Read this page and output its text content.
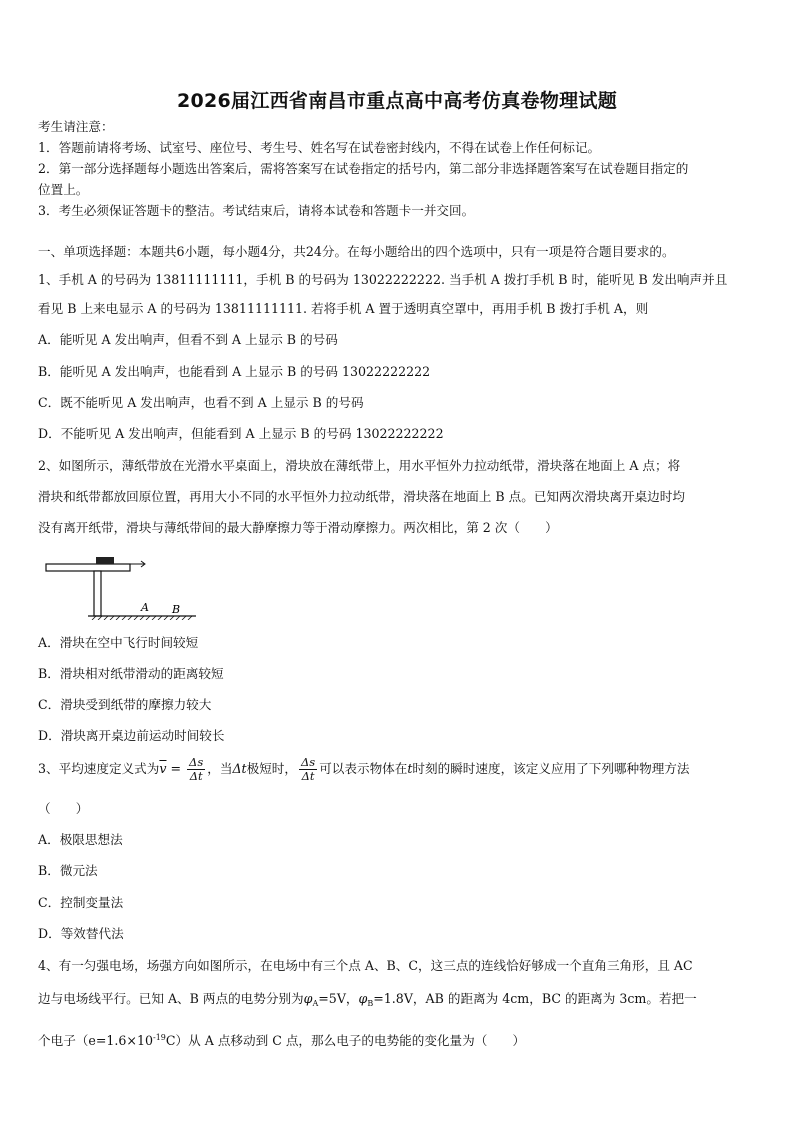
2026届江西省南昌市重点高中高考仿真卷物理试题
考生请注意：
1．答题前请将考场、试室号、座位号、考生号、姓名写在试卷密封线内，不得在试卷上作任何标记。
2．第一部分选择题每小题选出答案后，需将答案写在试卷指定的括号内，第二部分非选择题答案写在试卷题目指定的
位置上。
3．考生必须保证答题卡的整洁。考试结束后，请将本试卷和答题卡一并交回。
一、单项选择题：本题共6小题，每小题4分，共24分。在每小题给出的四个选项中，只有一项是符合题目要求的。
1、手机 A 的号码为 13811111111，手机 B 的号码为 13022222222. 当手机 A 拨打手机 B 时，能听见 B 发出响声并且
看见 B 上来电显示 A 的号码为 13811111111. 若将手机 A 置于透明真空罩中，再用手机 B 拨打手机 A，则
A．能听见 A 发出响声，但看不到 A 上显示 B 的号码
B．能听见 A 发出响声，也能看到 A 上显示 B 的号码 13022222222
C．既不能听见 A 发出响声，也看不到 A 上显示 B 的号码
D．不能听见 A 发出响声，但能看到 A 上显示 B 的号码 13022222222
2、如图所示，薄纸带放在光滑水平桌面上，滑块放在薄纸带上，用水平恒外力拉动纸带，滑块落在地面上 A 点；将
滑块和纸带都放回原位置，再用大小不同的水平恒外力拉动纸带，滑块落在地面上 B 点。已知两次滑块离开桌边时均
没有离开纸带，滑块与薄纸带间的最大静摩擦力等于滑动摩擦力。两次相比，第 2 次（　　）
A B
A．滑块在空中飞行时间较短
B．滑块相对纸带滑动的距离较短
C．滑块受到纸带的摩擦力较大
D．滑块离开桌边前运动时间较长
3、平均速度定义式为$\overline{v} = \frac{\Delta s}{\Delta t}$ ，当Δt极短时， $\frac{\Delta s}{\Delta t}$ 可以表示物体在t时刻的瞬时速度，该定义应用了下列哪种物理方法
（　　）
A．极限思想法
B．微元法
C．控制变量法
D．等效替代法
4、有一匀强电场，场强方向如图所示，在电场中有三个点 A、B、C，这三点的连线恰好够成一个直角三角形，且 AC
边与电场线平行。已知 A、B 两点的电势分别为$\varphi_A=5V$，$\varphi_B=1.8V$，AB 的距离为 4cm，BC 的距离为 3cm。若把一
个电子$(e=1.6\times 10^{-19}C)$从 A 点移动到 C 点，那么电子的电势能的变化量为（　　）
